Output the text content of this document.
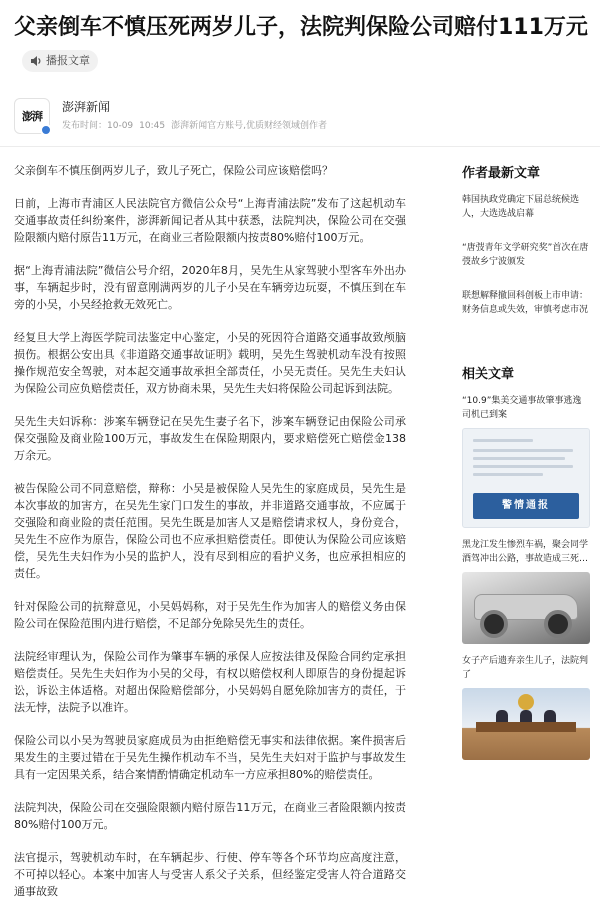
父亲倒车不慎压死两岁儿子，法院判保险公司赔付111万元
播报文章
澎湃
澎湃新闻
发布时间：10-09 10:45 澎湃新闻官方账号,优质财经领域创作者

父亲倒车不慎压倒两岁儿子，致儿子死亡，保险公司应该赔偿吗？

日前，上海市青浦区人民法院官方微信公众号“上海青浦法院”发布了这起机动车交通事故责任纠纷案件，澎湃新闻记者从其中获悉，法院判决，保险公司在交强险限额内赔付原告11万元，在商业三者险限额内按责80%赔付100万元。

据“上海青浦法院”微信公号介绍，2020年8月，吴先生从家驾驶小型客车外出办事，车辆起步时，没有留意刚满两岁的儿子小吴在车辆旁边玩耍，不慎压到在车旁的小吴，小吴经抢救无效死亡。

经复旦大学上海医学院司法鉴定中心鉴定，小吴的死因符合道路交通事故致颅脑损伤。根据公安出具《非道路交通事故证明》载明，吴先生驾驶机动车没有按照操作规范安全驾驶，对本起交通事故承担全部责任，小吴无责任。吴先生夫妇认为保险公司应负赔偿责任，双方协商未果，吴先生夫妇将保险公司起诉到法院。

吴先生夫妇诉称：涉案车辆登记在吴先生妻子名下，涉案车辆登记由保险公司承保交强险及商业险100万元，事故发生在保险期限内，要求赔偿死亡赔偿金138万余元。

被告保险公司不同意赔偿，辩称：小吴是被保险人吴先生的家庭成员，吴先生是本次事故的加害方，在吴先生家门口发生的事故，并非道路交通事故，不应属于交强险和商业险的责任范围。吴先生既是加害人又是赔偿请求权人，身份竞合，吴先生不应作为原告，保险公司也不应承担赔偿责任。即使认为保险公司应该赔偿，吴先生夫妇作为小吴的监护人，没有尽到相应的看护义务，也应承担相应的责任。

针对保险公司的抗辩意见，小吴妈妈称，对于吴先生作为加害人的赔偿义务由保险公司在保险范围内进行赔偿，不足部分免除吴先生的责任。

法院经审理认为，保险公司作为肇事车辆的承保人应按法律及保险合同约定承担赔偿责任。吴先生夫妇作为小吴的父母，有权以赔偿权利人即原告的身份提起诉讼，诉讼主体适格。对超出保险赔偿部分，小吴妈妈自愿免除加害方的责任，于法无悖，法院予以准许。

保险公司以小吴为驾驶员家庭成员为由拒绝赔偿无事实和法律依据。案件损害后果发生的主要过错在于吴先生操作机动车不当，吴先生夫妇对于监护与事故发生具有一定因果关系，结合案情酌情确定机动车一方应承担80%的赔偿责任。

法院判决，保险公司在交强险限额内赔付原告11万元，在商业三者险限额内按责80%赔付100万元。

法官提示，驾驶机动车时，在车辆起步、行使、停车等各个环节均应高度注意，不可掉以轻心。本案中加害人与受害人系父子关系，但经鉴定受害人符合道路交通事故致

作者最新文章
韩国执政党确定下届总统候选人，大选选战启幕
“唐弢青年文学研究奖”首次在唐弢故乡宁波颁发
联想解释撤回科创板上市申请：财务信息或失效，审慎考虑市况
相关文章
“10.9”集美交通事故肇事逃逸司机已到案
警情通报
黑龙江发生惨烈车祸，聚会同学酒驾冲出公路，事故造成三死…
女子产后遗弃亲生儿子，法院判了
